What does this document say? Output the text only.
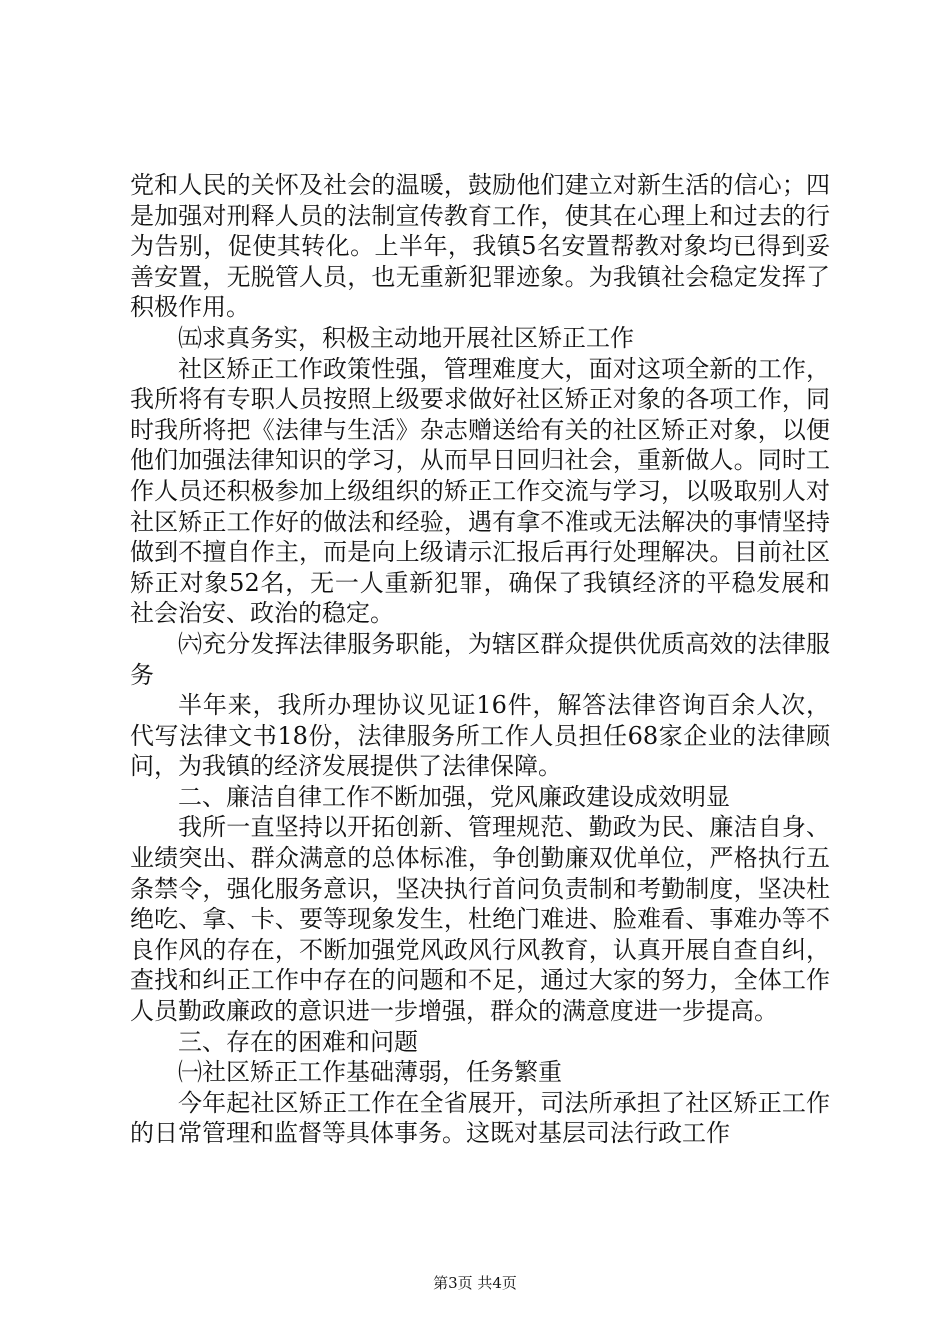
党和人民的关怀及社会的温暖，鼓励他们建立对新生活的信心；四是加强对刑释人员的法制宣传教育工作，使其在心理上和过去的行为告别，促使其转化。上半年，我镇5名安置帮教对象均已得到妥善安置，无脱管人员，也无重新犯罪迹象。为我镇社会稳定发挥了积极作用。

㈤求真务实，积极主动地开展社区矫正工作

社区矫正工作政策性强，管理难度大，面对这项全新的工作，我所将有专职人员按照上级要求做好社区矫正对象的各项工作，同时我所将把《法律与生活》杂志赠送给有关的社区矫正对象，以便他们加强法律知识的学习，从而早日回归社会，重新做人。同时工作人员还积极参加上级组织的矫正工作交流与学习，以吸取别人对社区矫正工作好的做法和经验，遇有拿不准或无法解决的事情坚持做到不擅自作主，而是向上级请示汇报后再行处理解决。目前社区矫正对象52名，无一人重新犯罪，确保了我镇经济的平稳发展和社会治安、政治的稳定。

㈥充分发挥法律服务职能，为辖区群众提供优质高效的法律服务

半年来，我所办理协议见证16件，解答法律咨询百余人次，代写法律文书18份，法律服务所工作人员担任68家企业的法律顾问，为我镇的经济发展提供了法律保障。

二、廉洁自律工作不断加强，党风廉政建设成效明显

我所一直坚持以开拓创新、管理规范、勤政为民、廉洁自身、业绩突出、群众满意的总体标准，争创勤廉双优单位，严格执行五条禁令，强化服务意识，坚决执行首问负责制和考勤制度，坚决杜绝吃、拿、卡、要等现象发生，杜绝门难进、脸难看、事难办等不良作风的存在，不断加强党风政风行风教育，认真开展自查自纠，查找和纠正工作中存在的问题和不足，通过大家的努力，全体工作人员勤政廉政的意识进一步增强，群众的满意度进一步提高。

三、存在的困难和问题

㈠社区矫正工作基础薄弱，任务繁重

今年起社区矫正工作在全省展开，司法所承担了社区矫正工作的日常管理和监督等具体事务。这既对基层司法行政工作

第3页 共4页
